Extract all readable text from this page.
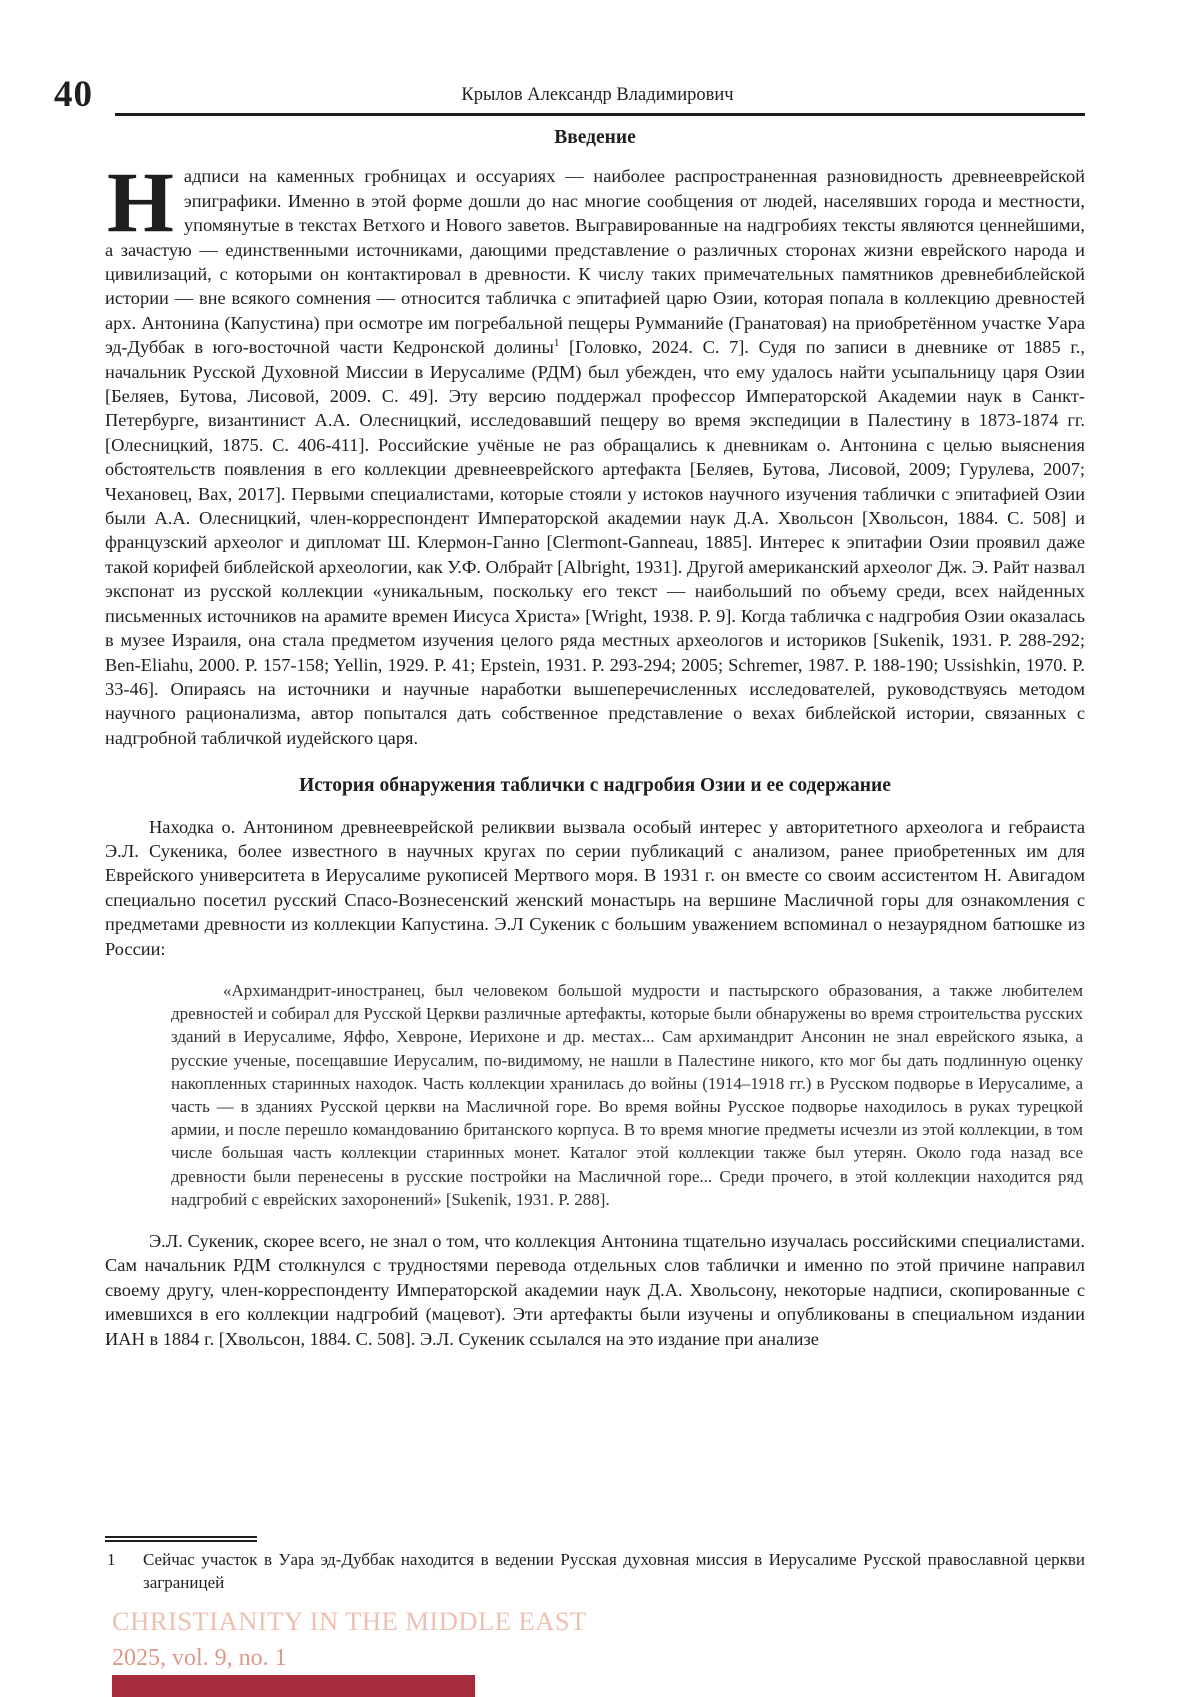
40	Крылов Александр Владимирович
Введение

Надписи на каменных гробницах и оссуариях — наиболее распространенная разновидность древнееврейской эпиграфики. Именно в этой форме дошли до нас многие сообщения от людей, населявших города и местности, упомянутые в текстах Ветхого и Нового заветов. Выгравированные на надгробиях тексты являются ценнейшими, а зачастую — единственными источниками, дающими представление о различных сторонах жизни еврейского народа и цивилизаций, с которыми он контактировал в древности. К числу таких примечательных памятников древнебиблейской истории — вне всякого сомнения — относится табличка с эпитафией царю Озии, которая попала в коллекцию древностей арх. Антонина (Капустина) при осмотре им погребальной пещеры Румманийе (Гранатовая) на приобретённом участке Уара эд-Дуббак в юго-восточной части Кедронской долины$^1$ [Головко, 2024. С. 7]. Судя по записи в дневнике от 1885 г., начальник Русской Духовной Миссии в Иерусалиме (РДМ) был убежден, что ему удалось найти усыпальницу царя Озии [Беляев, Бутова, Лисовой, 2009. С. 49]. Эту версию поддержал профессор Императорской Академии наук в Санкт-Петербурге, византинист А.А. Олесницкий, исследовавший пещеру во время экспедиции в Палестину в 1873-1874 гг. [Олесницкий, 1875. С. 406-411]. Российские учёные не раз обращались к дневникам о. Антонина с целью выяснения обстоятельств появления в его коллекции древнееврейского артефакта [Беляев, Бутова, Лисовой, 2009; Гурулева, 2007; Чехановец, Вах, 2017]. Первыми специалистами, которые стояли у истоков научного изучения таблички с эпитафией Озии были А.А. Олесницкий, член-корреспондент Императорской академии наук Д.А. Хвольсон [Хвольсон, 1884. С. 508] и французский археолог и дипломат Ш. Клермон-Ганно [Clermont-Ganneau, 1885]. Интерес к эпитафии Озии проявил даже такой корифей библейской археологии, как У.Ф. Олбрайт [Albright, 1931]. Другой американский археолог Дж. Э. Райт назвал экспонат из русской коллекции «уникальным, поскольку его текст — наибольший по объему среди, всех найденных письменных источников на арамите времен Иисуса Христа» [Wright, 1938. P. 9]. Когда табличка с надгробия Озии оказалась в музее Израиля, она стала предметом изучения целого ряда местных археологов и историков [Sukenik, 1931. P. 288-292; Ben-Eliahu, 2000. P. 157-158; Yellin, 1929. P. 41; Epstein, 1931. P. 293-294; 2005; Schremer, 1987. P. 188-190; Ussishkin, 1970. P. 33-46]. Опираясь на источники и научные наработки вышеперечисленных исследователей, руководствуясь методом научного рационализма, автор попытался дать собственное представление о вехах библейской истории, связанных с надгробной табличкой иудейского царя.

История обнаружения таблички с надгробия Озии и ее содержание

Находка о. Антонином древнееврейской реликвии вызвала особый интерес у авторитетного археолога и гебраиста Э.Л. Сукеника, более известного в научных кругах по серии публикаций с анализом, ранее приобретенных им для Еврейского университета в Иерусалиме рукописей Мертвого моря. В 1931 г. он вместе со своим ассистентом Н. Авигадом специально посетил русский Спасо-Вознесенский женский монастырь на вершине Масличной горы для ознакомления с предметами древности из коллекции Капустина. Э.Л Сукеник с большим уважением вспоминал о незаурядном батюшке из России:

«Архимандрит-иностранец, был человеком большой мудрости и пастырского образования, а также любителем древностей и собирал для Русской Церкви различные артефакты, которые были обнаружены во время строительства русских зданий в Иерусалиме, Яффо, Хевроне, Иерихоне и др. местах... Сам архимандрит Ансонин не знал еврейского языка, а русские ученые, посещавшие Иерусалим, по-видимому, не нашли в Палестине никого, кто мог бы дать подлинную оценку накопленных старинных находок. Часть коллекции хранилась до войны (1914–1918 гг.) в Русском подворье в Иерусалиме, а часть — в зданиях Русской церкви на Масличной горе. Во время войны Русское подворье находилось в руках турецкой армии, и после перешло командованию британского корпуса. В то время многие предметы исчезли из этой коллекции, в том числе большая часть коллекции старинных монет. Каталог этой коллекции также был утерян. Около года назад все древности были перенесены в русские постройки на Масличной горе... Среди прочего, в этой коллекции находится ряд надгробий с еврейских захоронений» [Sukenik, 1931. P. 288].

Э.Л. Сукеник, скорее всего, не знал о том, что коллекция Антонина тщательно изучалась российскими специалистами. Сам начальник РДМ столкнулся с трудностями перевода отдельных слов таблички и именно по этой причине направил своему другу, член-корреспонденту Императорской академии наук Д.А. Хвольсону, некоторые надписи, скопированные с имевшихся в его коллекции надгробий (мацевот). Эти артефакты были изучены и опубликованы в специальном издании ИАН в 1884 г. [Хвольсон, 1884. С. 508]. Э.Л. Сукеник ссылался на это издание при анализе

1	Сейчас участок в Уара эд-Дуббак находится в ведении Русская духовная миссия в Иерусалиме Русской православной церкви заграницей
CHRISTIANITY IN THE MIDDLE EAST
2025, vol. 9, no. 1
